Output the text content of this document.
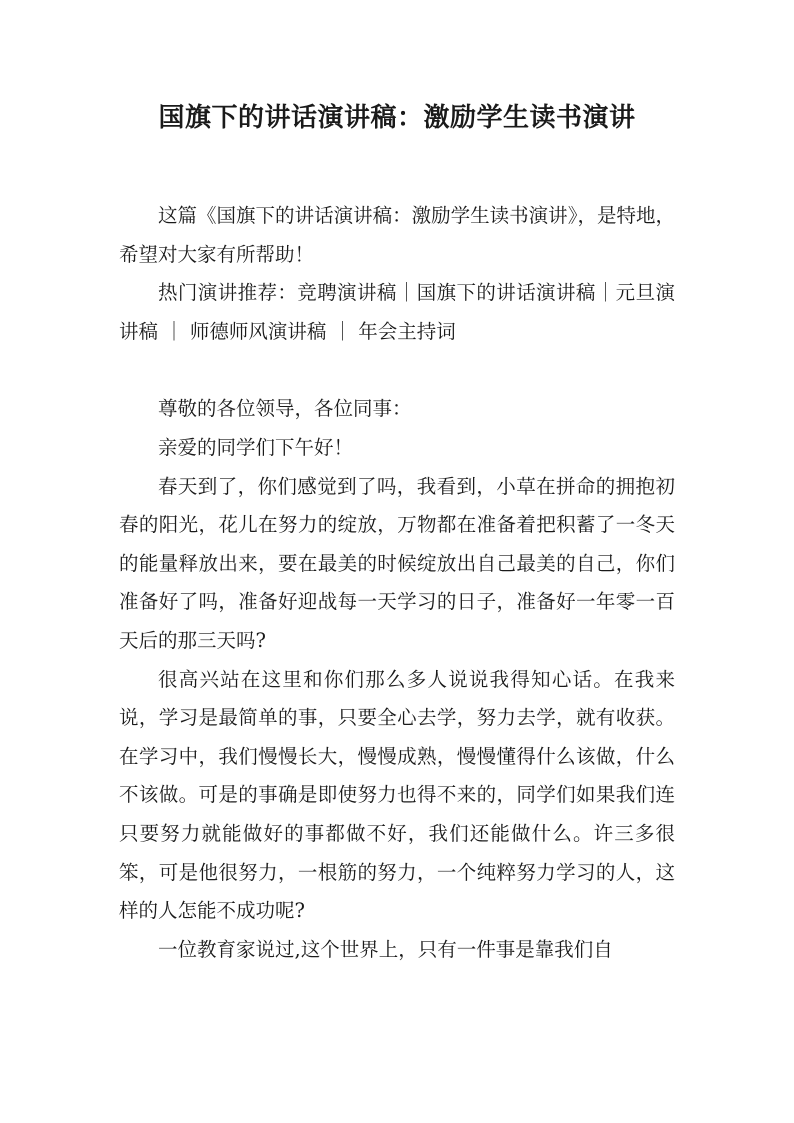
国旗下的讲话演讲稿：激励学生读书演讲

这篇《国旗下的讲话演讲稿：激励学生读书演讲》，是特地，希望对大家有所帮助！

热门演讲推荐：竞聘演讲稿｜国旗下的讲话演讲稿｜元旦演讲稿 ｜ 师德师风演讲稿 ｜ 年会主持词

尊敬的各位领导，各位同事：

亲爱的同学们下午好！

春天到了，你们感觉到了吗，我看到，小草在拼命的拥抱初春的阳光，花儿在努力的绽放，万物都在准备着把积蓄了一冬天的能量释放出来，要在最美的时候绽放出自己最美的自己，你们准备好了吗，准备好迎战每一天学习的日子，准备好一年零一百天后的那三天吗?

很高兴站在这里和你们那么多人说说我得知心话。在我来说，学习是最简单的事，只要全心去学，努力去学，就有收获。在学习中，我们慢慢长大，慢慢成熟，慢慢懂得什么该做，什么不该做。可是的事确是即使努力也得不来的，同学们如果我们连只要努力就能做好的事都做不好，我们还能做什么。许三多很笨，可是他很努力，一根筋的努力，一个纯粹努力学习的人，这样的人怎能不成功呢?

一位教育家说过,这个世界上，只有一件事是靠我们自
